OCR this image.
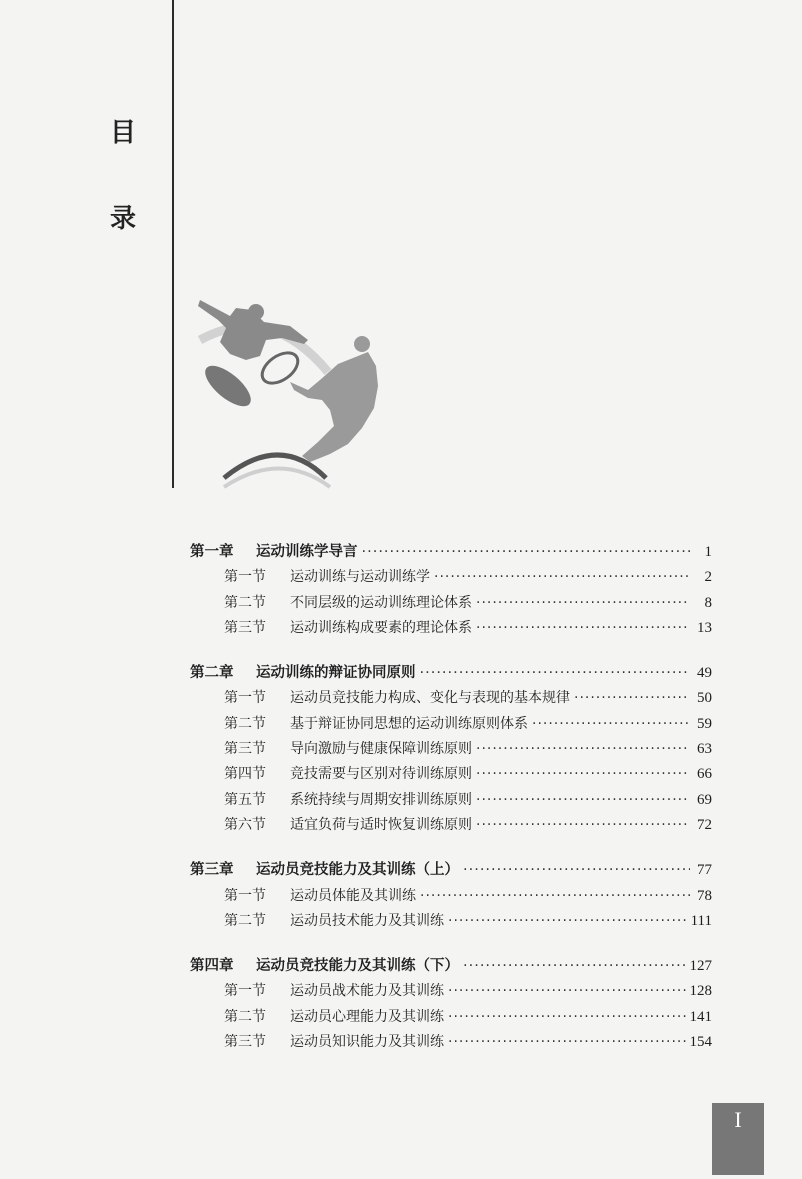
目
录
第一章	运动训练学导言 ·····	1
第一节	运动训练与运动训练学 ·····	2
第二节	不同层级的运动训练理论体系 ·····	8
第三节	运动训练构成要素的理论体系 ·····	13
第二章	运动训练的辩证协同原则 ·····	49
第一节	运动员竞技能力构成、变化与表现的基本规律 ·····	50
第二节	基于辩证协同思想的运动训练原则体系 ·····	59
第三节	导向激励与健康保障训练原则 ·····	63
第四节	竞技需要与区别对待训练原则 ·····	66
第五节	系统持续与周期安排训练原则 ·····	69
第六节	适宜负荷与适时恢复训练原则 ·····	72
第三章	运动员竞技能力及其训练（上） ·····	77
第一节	运动员体能及其训练 ·····	78
第二节	运动员技术能力及其训练 ·····	111
第四章	运动员竞技能力及其训练（下） ·····	127
第一节	运动员战术能力及其训练 ·····	128
第二节	运动员心理能力及其训练 ·····	141
第三节	运动员知识能力及其训练 ·····	154
I
